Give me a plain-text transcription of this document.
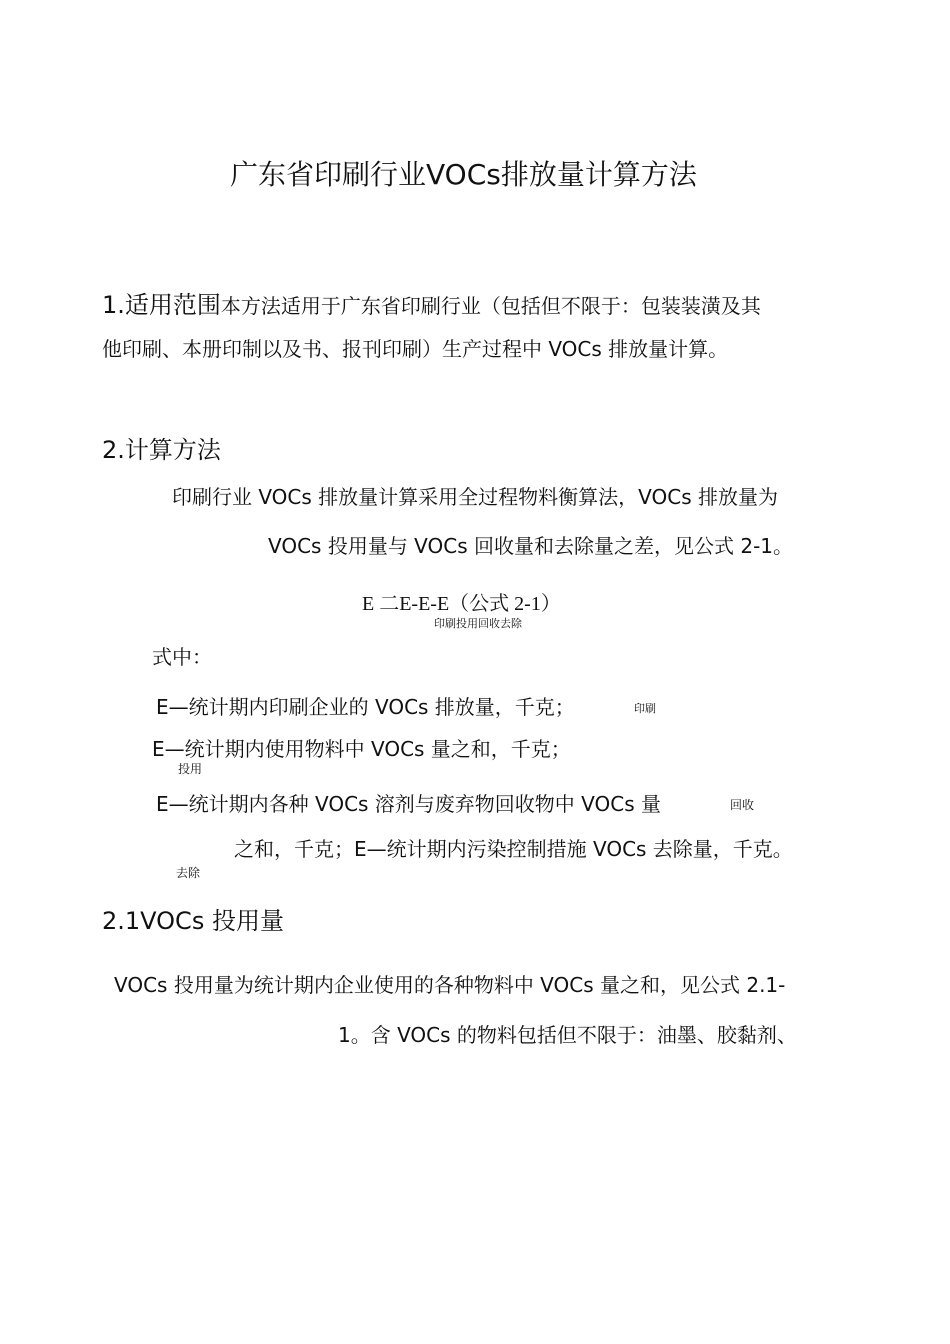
广东省印刷行业VOCs排放量计算方法
1.适用范围本方法适用于广东省印刷行业（包括但不限于：包装装潢及其
他印刷、本册印制以及书、报刊印刷）生产过程中 VOCs 排放量计算。
2.计算方法
印刷行业 VOCs 排放量计算采用全过程物料衡算法，VOCs 排放量为
VOCs 投用量与 VOCs 回收量和去除量之差，见公式 2-1。
E 二E-E-E（公式 2-1）
印刷投用回收去除
式中：
E—统计期内印刷企业的 VOCs 排放量，千克；	印刷
E—统计期内使用物料中 VOCs 量之和，千克；
投用
E—统计期内各种 VOCs 溶剂与废弃物回收物中 VOCs 量	回收
之和，千克；E—统计期内污染控制措施 VOCs 去除量，千克。
去除
2.1VOCs 投用量
VOCs 投用量为统计期内企业使用的各种物料中 VOCs 量之和，见公式 2.1-
1。含 VOCs 的物料包括但不限于：油墨、胶黏剂、
